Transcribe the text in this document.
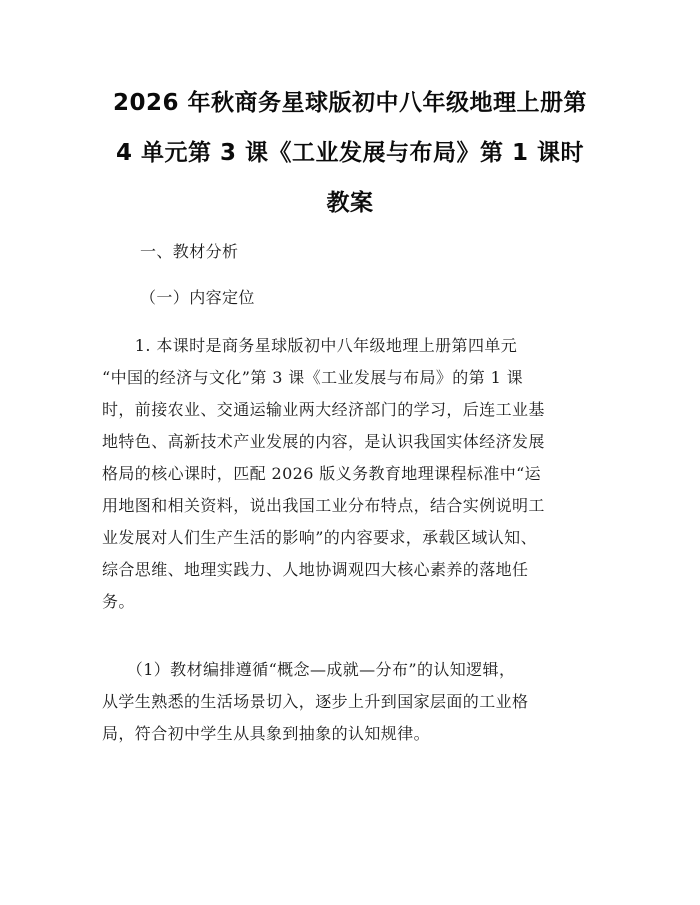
2026 年秋商务星球版初中八年级地理上册第
4 单元第 3 课《工业发展与布局》第 1 课时
教案
一、教材分析
（一）内容定位
　　1. 本课时是商务星球版初中八年级地理上册第四单元
“中国的经济与文化”第 3 课《工业发展与布局》的第 1 课
时，前接农业、交通运输业两大经济部门的学习，后连工业基
地特色、高新技术产业发展的内容，是认识我国实体经济发展
格局的核心课时，匹配 2026 版义务教育地理课程标准中“运
用地图和相关资料，说出我国工业分布特点，结合实例说明工
业发展对人们生产生活的影响”的内容要求，承载区域认知、
综合思维、地理实践力、人地协调观四大核心素养的落地任
务。
　　（1）教材编排遵循“概念—成就—分布”的认知逻辑，
从学生熟悉的生活场景切入，逐步上升到国家层面的工业格
局，符合初中学生从具象到抽象的认知规律。
